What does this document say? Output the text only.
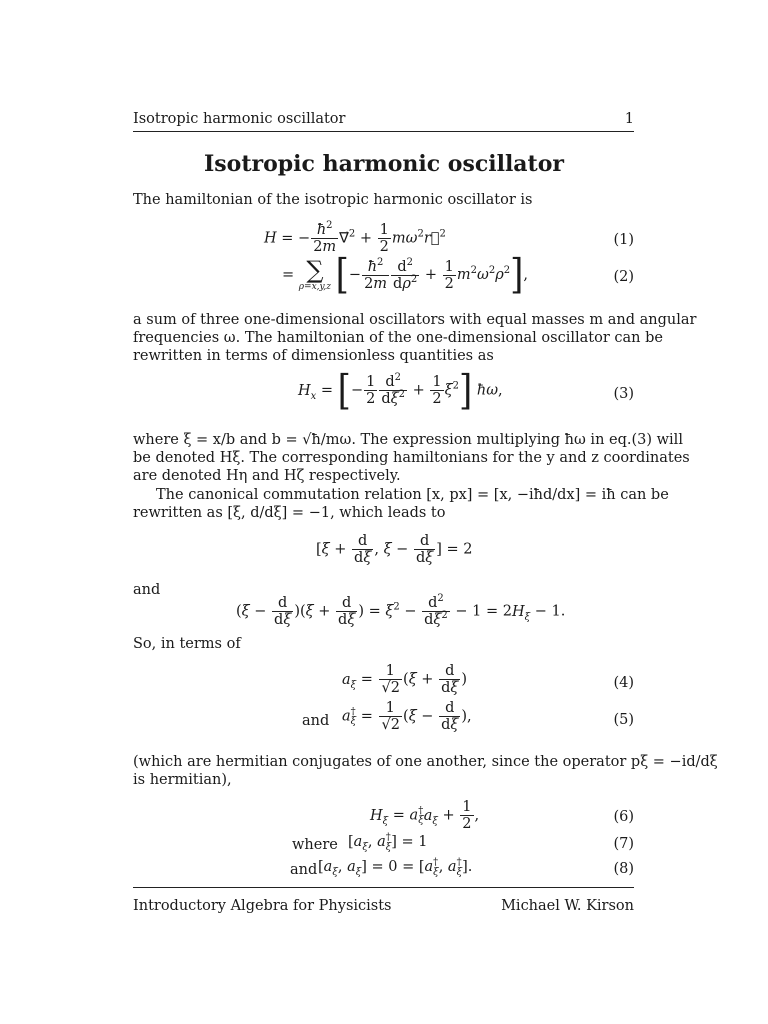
Isotropic harmonic oscillator	1
Isotropic harmonic oscillator
The hamiltonian of the isotropic harmonic oscillator is
H = − $\frac{ħ^2}{2m}$ ∇⃗$^2$ + $\frac{1}{2}$ $m\omega^2r⃗^2$	(1)
= ∑
ρ=x,y,z [− $\frac{ħ^2}{2m} \frac{d^2}{d\rho^2} + \frac{1}{2} m^2\omega^2\rho^2$],	(2)
a sum of three one-dimensional oscillators with equal masses m and angular
frequencies ω. The hamiltonian of the one-dimensional oscillator can be
rewritten in terms of dimensionless quantities as
$H_x$ = [− $\frac{1}{2} \frac{d^2}{d\xi^2} + \frac{1}{2} \xi^2$] ħω,	(3)
where ξ = x/b and b = √ħ/mω. The expression multiplying ħω in eq.(3) will
be denoted Hξ. The corresponding hamiltonians for the y and z coordinates
are denoted Hη and Hζ respectively.
The canonical commutation relation [x, px] = [x, −iħd/dx] = iħ can be
rewritten as [ξ, d/dξ] = −1, which leads to
[$\xi + \frac{d}{d\xi}$ , $\xi - \frac{d}{d\xi}$ ] = 2
and
$(\xi - \frac{d}{d\xi} )(\xi + \frac{d}{d\xi}$ ) = $\xi^2 - \frac{d^2}{d\xi^2} - 1 = 2H_\xi - 1$.
So, in terms of
$a_\xi = \frac{1}{√2} (\xi + \frac{d}{d\xi}$ )	(4)
and $a^\dagger_\xi = \frac{1}{√2} (\xi - \frac{d}{d\xi}$ ),	(5)
(which are hermitian conjugates of one another, since the operator pξ = −id/dξ
is hermitian),
$H_\xi = a^\dagger_\xi a_\xi + \frac{1}{2}$ ,	(6)
where [$a_\xi$, $a^\dagger_\xi] = 1$	(7)
and [$a_\xi$, $a_\xi] = 0 = [a^\dagger_\xi$, $a^\dagger_\xi$].	(8)
Introductory Algebra for Physicists	Michael W. Kirson
